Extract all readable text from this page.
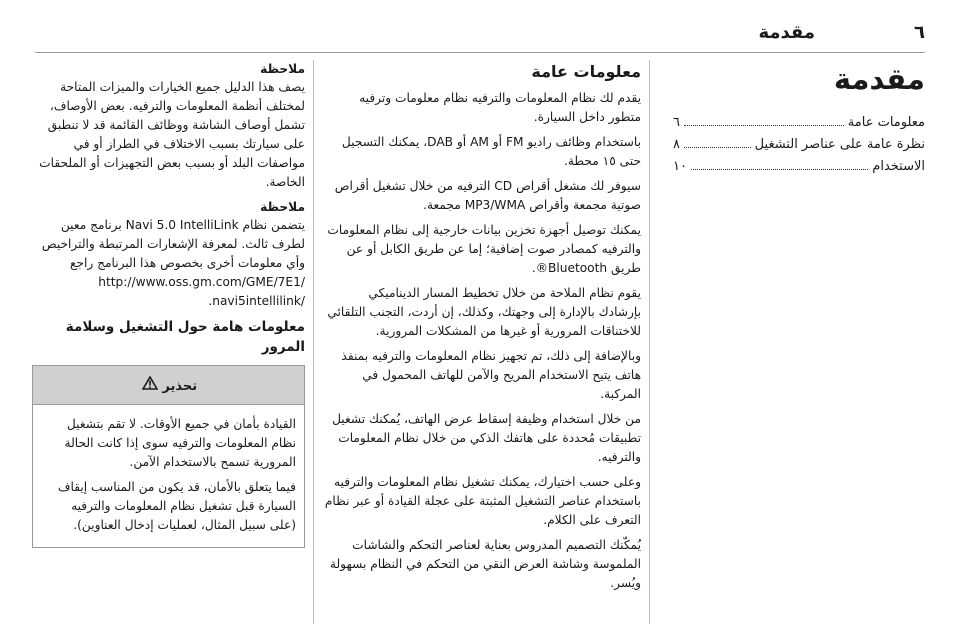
٦
مقدمة
مقدمة
معلومات عامة
٦
نظرة عامة على عناصر التشغيل
٨
الاستخدام
١٠
معلومات عامة

يقدم لك نظام المعلومات والترفيه نظام معلومات وترفيه متطور داخل السيارة.

باستخدام وظائف راديو FM أو AM أو DAB، يمكنك التسجيل حتى ١٥ محطة.

سيوفر لك مشغل أقراص CD الترفيه من خلال تشغيل أقراص صوتية مجمعة وأقراص MP3/WMA مجمعة.

يمكنك توصيل أجهزة تخزين بيانات خارجية إلى نظام المعلومات والترفيه كمصادر صوت إضافية؛ إما عن طريق الكابل أو عن طريق Bluetooth®.

يقوم نظام الملاحة من خلال تخطيط المسار الديناميكي بإرشادك بالإدارة إلى وجهتك، وكذلك، إن أردت، التجنب التلقائي للاختناقات المرورية أو غيرها من المشكلات المرورية.

وبالإضافة إلى ذلك، تم تجهيز نظام المعلومات والترفيه بمنفذ هاتف يتيح الاستخدام المريح والآمن للهاتف المحمول في المركبة.

من خلال استخدام وظيفة إسقاط عرض الهاتف، يُمكنك تشغيل تطبيقات مُحددة على هاتفك الذكي من خلال نظام المعلومات والترفيه.

وعلى حسب اختيارك، يمكنك تشغيل نظام المعلومات والترفيه باستخدام عناصر التشغيل المثبتة على عجلة القيادة أو عبر نظام التعرف على الكلام.

يُمكّنك التصميم المدروس بعناية لعناصر التحكم والشاشات الملموسة وشاشة العرض النقي من التحكم في النظام بسهولة ويُسر.

ملاحظة

يصف هذا الدليل جميع الخيارات والميزات المتاحة لمختلف أنظمة المعلومات والترفيه. بعض الأوصاف، تشمل أوصاف الشاشة ووظائف القائمة قد لا تنطبق على سيارتك بسبب الاختلاف في الطراز أو في مواصفات البلد أو بسبب بعض التجهيزات أو الملحقات الخاصة.

ملاحظة

يتضمن نظام Navi 5.0 IntelliLink برنامج معين لطرف ثالث. لمعرفة الإشعارات المرتبطة والتراخيص وأي معلومات أخرى بخصوص هذا البرنامج راجع

http://www.oss.gm.com/GME/7E1/
.navi5intellilink/
معلومات هامة حول التشغيل وسلامة المرور
تحذير

القيادة بأمان في جميع الأوقات. لا تقم بتشغيل نظام المعلومات والترفيه سوى إذا كانت الحالة المرورية تسمح بالاستخدام الآمن.

فيما يتعلق بالأمان، قد يكون من المناسب إيقاف السيارة قبل تشغيل نظام المعلومات والترفيه (على سبيل المثال، لعمليات إدخال العناوين).
